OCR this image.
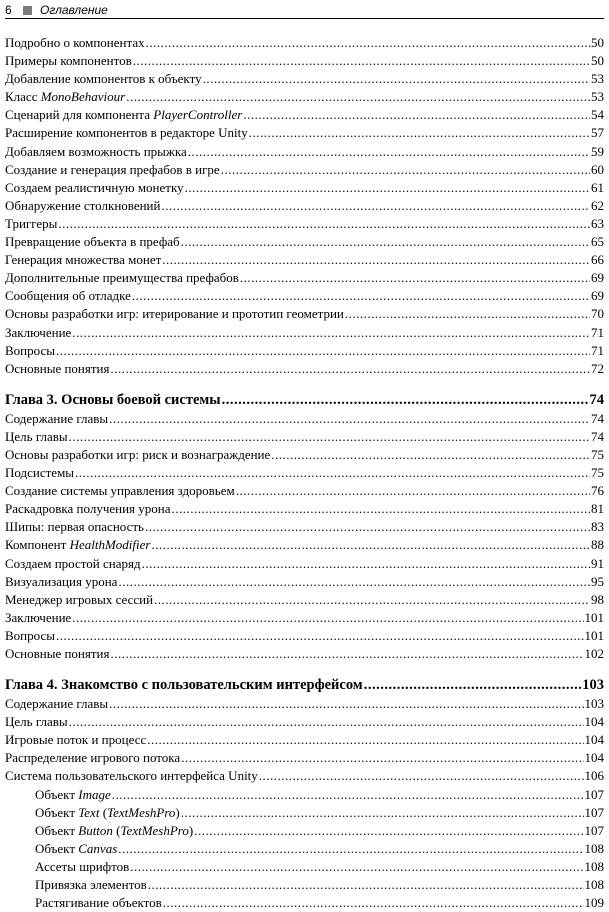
6	Оглавление
Подробно о компонентах .....	50
Примеры компонентов .....	50
Добавление компонентов к объекту .....	53
Класс MonoBehaviour .....	53
Сценарий для компонента PlayerController .....	54
Расширение компонентов в редакторе Unity .....	57
Добавляем возможность прыжка .....	59
Создание и генерация префабов в игре .....	60
Создаем реалистичную монетку .....	61
Обнаружение столкновений .....	62
Триггеры .....	63
Превращение объекта в префаб .....	65
Генерация множества монет .....	66
Дополнительные преимущества префабов .....	69
Сообщения об отладке .....	69
Основы разработки игр: итерирование и прототип геометрии .....	70
Заключение .....	71
Вопросы .....	71
Основные понятия .....	72
Глава 3. Основы боевой системы .....	74
Содержание главы .....	74
Цель главы .....	74
Основы разработки игр: риск и вознаграждение .....	75
Подсистемы .....	75
Создание системы управления здоровьем .....	76
Раскадровка получения урона .....	81
Шипы: первая опасность .....	83
Компонент HealthModifier .....	88
Создаем простой снаряд .....	91
Визуализация урона .....	95
Менеджер игровых сессий .....	98
Заключение .....	101
Вопросы .....	101
Основные понятия .....	102
Глава 4. Знакомство с пользовательским интерфейсом .....	103
Содержание главы .....	103
Цель главы .....	104
Игровые поток и процесс .....	104
Распределение игрового потока .....	104
Система пользовательского интерфейса Unity .....	106
Объект Image .....	107
Объект Text (TextMeshPro) .....	107
Объект Button (TextMeshPro) .....	107
Объект Canvas .....	108
Ассеты шрифтов .....	108
Привязка элементов .....	108
Растягивание объектов .....	109
